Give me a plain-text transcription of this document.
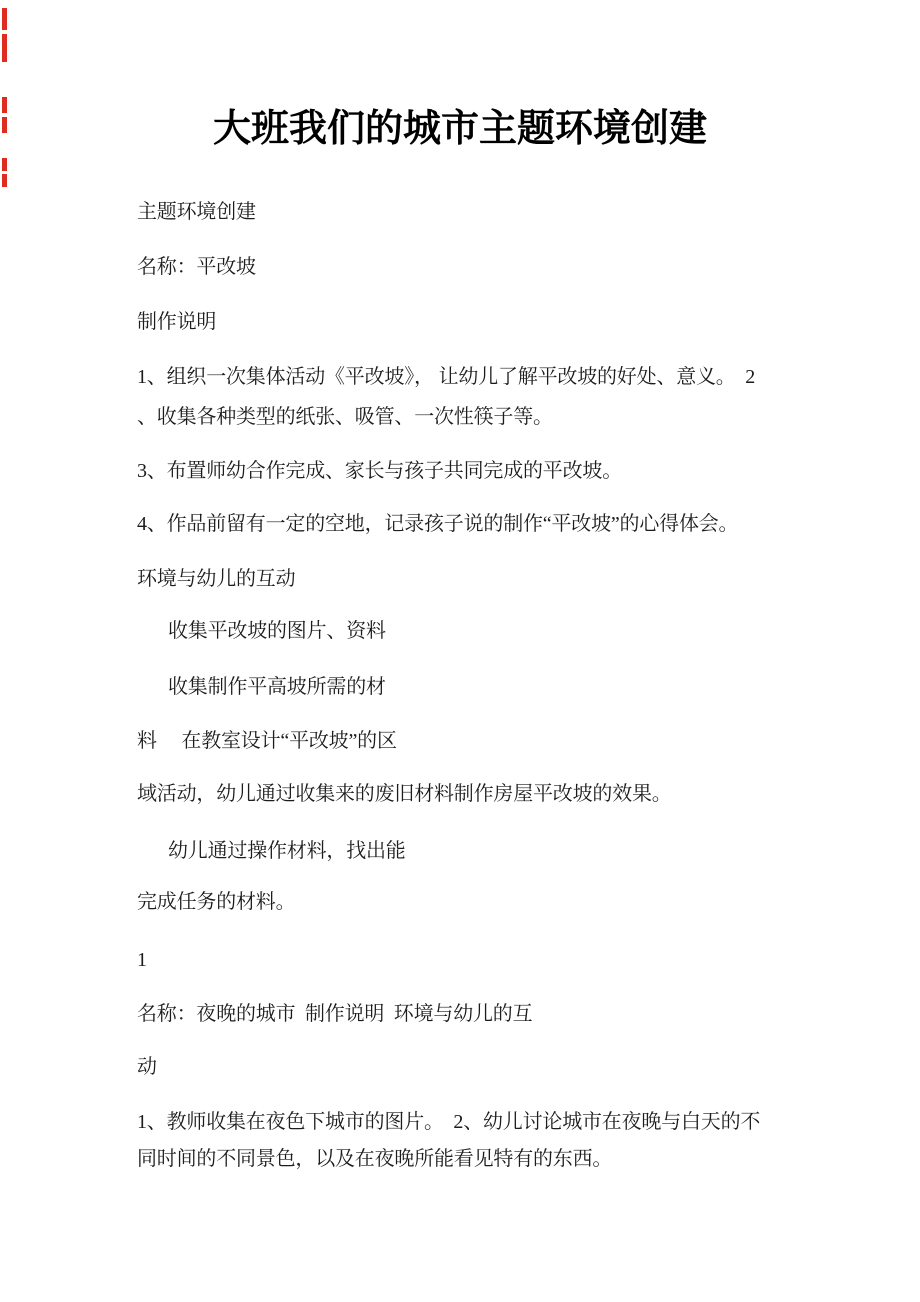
大班我们的城市主题环境创建
主题环境创建
名称：平改坡
制作说明
1、组织一次集体活动《平改坡》， 让幼儿了解平改坡的好处、意义。  2
、收集各种类型的纸张、吸管、一次性筷子等。
3、布置师幼合作完成、家长与孩子共同完成的平改坡。
4、作品前留有一定的空地，记录孩子说的制作“平改坡”的心得体会。
环境与幼儿的互动
收集平改坡的图片、资料
收集制作平高坡所需的材
料　 在教室设计“平改坡”的区
域活动，幼儿通过收集来的废旧材料制作房屋平改坡的效果。
幼儿通过操作材料，找出能
完成任务的材料。
1
名称：夜晚的城市  制作说明  环境与幼儿的互
动
1、教师收集在夜色下城市的图片。  2、幼儿讨论城市在夜晚与白天的不
同时间的不同景色，以及在夜晚所能看见特有的东西。
